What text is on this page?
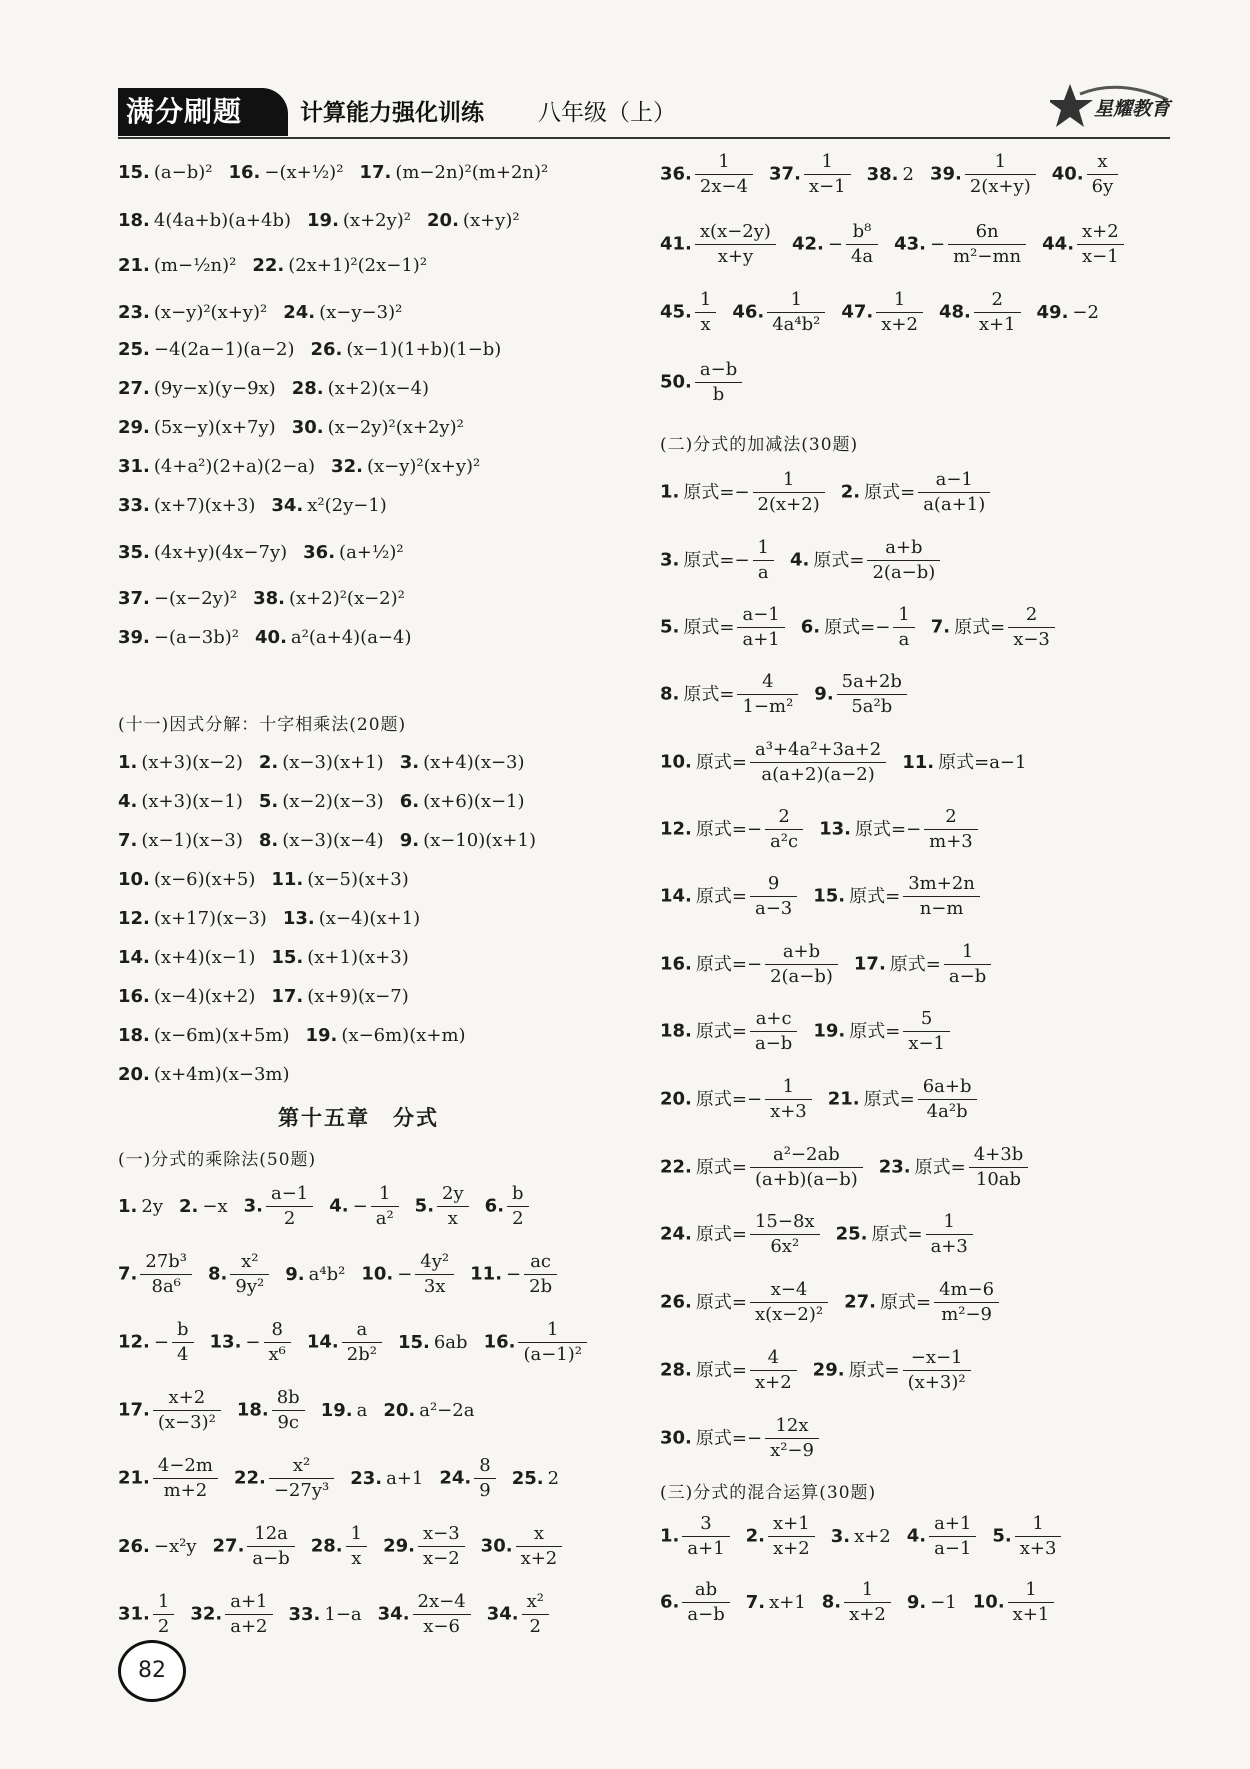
满分刷题	计算能力强化训练 八年级（上）	星耀教育
15. (a−b)² 16. −(x+½)² 17. (m−2n)²(m+2n)²
18. 4(4a+b)(a+4b) 19. (x+2y)² 20. (x+y)²
21. (m−½n)² 22. (2x+1)²(2x−1)²
23. (x−y)²(x+y)² 24. (x−y−3)²
25. −4(2a−1)(a−2) 26. (x−1)(1+b)(1−b)
27. (9y−x)(y−9x) 28. (x+2)(x−4)
29. (5x−y)(x+7y) 30. (x−2y)²(x+2y)²
31. (4+a²)(2+a)(2−a) 32. (x−y)²(x+y)²
33. (x+7)(x+3) 34. x²(2y−1)
35. (4x+y)(4x−7y) 36. (a+½)²
37. −(x−2y)² 38. (x+2)²(x−2)²
39. −(a−3b)² 40. a²(a+4)(a−4)
(十一)因式分解：十字相乘法(20题)
1. (x+3)(x−2) 2. (x−3)(x+1) 3. (x+4)(x−3)
4. (x+3)(x−1) 5. (x−2)(x−3) 6. (x+6)(x−1)
7. (x−1)(x−3) 8. (x−3)(x−4) 9. (x−10)(x+1)
10. (x−6)(x+5) 11. (x−5)(x+3)
12. (x+17)(x−3) 13. (x−4)(x+1)
14. (x+4)(x−1) 15. (x+1)(x+3)
16. (x−4)(x+2) 17. (x+9)(x−7)
18. (x−6m)(x+5m) 19. (x−6m)(x+m)
20. (x+4m)(x−3m)
第十五章　分式
(一)分式的乘除法(50题)
1. 2y 2. −x 3. $\frac{a-1}{2} 4$. − $\frac{1}{\text{a²}} 5$. $\frac{2y}{x} 6$. $\frac{b}{2}$
7. $\frac{\text{27b³}}{\text{8a⁶}} 8$. $\frac{\text{x²}}{\text{9y²}} 9$. a⁴b² 10. − $\frac{\text{4y²}}{3x} 11$. − $\frac{ac}{2b}$
12. − $\frac{b}{4} 13$. − $\frac{8}{\text{x⁶}} 14$. $\frac{a}{\text{2b²}} 15$. 6ab 16. $\frac{1}{\text{(a−1)²}}$
17. $\frac{x+2}{\text{(x−3)²}} 18$. $\frac{8b}{9c} 19$. a 20. a²−2a
21. $\frac{4-2m}{m+2} 22$. $\frac{\text{x²}}{\text{−27y³}} 23$. a+1 24. $\frac{8}{9} 25$. 2
26. −x²y 27. $\frac{12a}{a-b} 28$. $\frac{1}{x} 29$. $\frac{x-3}{x-2} 30$. $\frac{x}{x+2}$
31. $\frac{1}{2} 32$. $\frac{a+1}{a+2} 33$. 1−a 34. $\frac{2x-4}{x-6} 34$. $\frac{\text{x²}}{2}$
36. $\frac{1}{2x-4} 37$. $\frac{1}{x-1} 38$. 2 39. $\frac{1}{2(x+y)} 40$. $\frac{x}{6y}$
41. $\frac{x(x-2y)}{x+y} 42$. − $\frac{\text{b⁸}}{4a} 43$. − $\frac{6n}{\text{m²−mn}} 44$. $\frac{x+2}{x-1}$
45. $\frac{1}{x} 46$. $\frac{1}{\text{4a⁴b²}} 47$. $\frac{1}{x+2} 48$. $\frac{2}{x+1} 49$. −2
50. $\frac{a-b}{b}$
(二)分式的加减法(30题)
1. 原式=− $\frac{1}{2(x+2)} 2$. 原式= $\frac{a-1}{a(a+1)}$
3. 原式=− $\frac{1}{a} 4$. 原式= $\frac{a+b}{2(a-b)}$
5. 原式= $\frac{a-1}{a+1} 6$. 原式=− $\frac{1}{a} 7$. 原式= $\frac{2}{x-3}$
8. 原式= $\frac{4}{\text{1−m²}} 9$. $\frac{5a+2b}{\text{5a²b}}$
10. 原式= $\frac{\text{a³+4a²+3a+2}}{a(a+2)(a-2)} 11$. 原式=a−1
12. 原式=− $\frac{2}{\text{a²c}} 13$. 原式=− $\frac{2}{m+3}$
14. 原式= $\frac{9}{a-3} 15$. 原式= $\frac{3m+2n}{n-m}$
16. 原式=− $\frac{a+b}{2(a-b)} 17$. 原式= $\frac{1}{a-b}$
18. 原式= $\frac{a+c}{a-b} 19$. 原式= $\frac{5}{x-1}$
20. 原式=− $\frac{1}{x+3} 21$. 原式= $\frac{6a+b}{\text{4a²b}}$
22. 原式= $\frac{\text{a²−2ab}}{(a+b)(a-b)} 23$. 原式= $\frac{4+3b}{10ab}$
24. 原式= $\frac{15-8x}{\text{6x²}} 25$. 原式= $\frac{1}{a+3}$
26. 原式= $\frac{x-4}{\text{x(x−2)²}} 27$. 原式= $\frac{4m-6}{\text{m²−9}}$
28. 原式= $\frac{4}{x+2} 29$. 原式= $\frac{-x-1}{\text{(x+3)²}}$
30. 原式=− $\frac{12x}{\text{x²−9}}$
(三)分式的混合运算(30题)
1. $\frac{3}{a+1} 2$. $\frac{x+1}{x+2} 3$. x+2 4. $\frac{a+1}{a-1} 5$. $\frac{1}{x+3}$
6. $\frac{ab}{a-b} 7$. x+1 8. $\frac{1}{x+2} 9$. −1 10. $\frac{1}{x+1}$
82
